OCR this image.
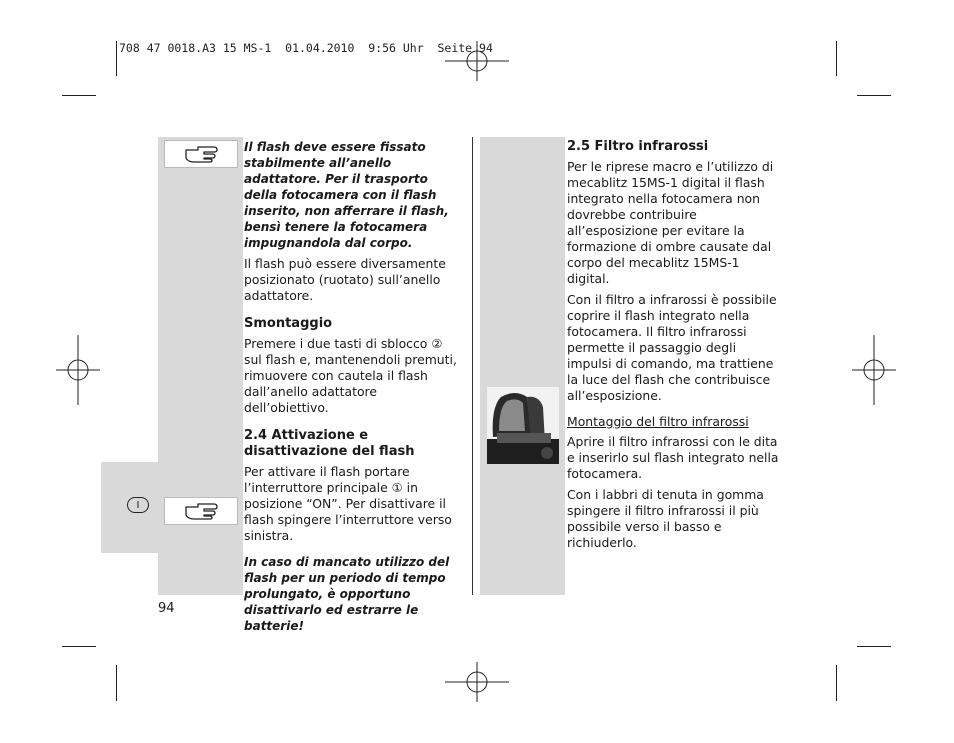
708 47 0018.A3 15 MS-1  01.04.2010  9:56 Uhr  Seite 94
I

Il flash deve essere fissato stabilmente all’anello adattatore. Per il trasporto della fotocamera con il flash inserito, non afferrare il flash, bensì tenere la fotocamera impugnandola dal corpo.

Il flash può essere diversamente posizionato (ruotato) sull’anello adattatore.

Smontaggio

Premere i due tasti di sblocco ② sul flash e, mantenendoli premuti, rimuovere con cautela il flash dall’anello adattatore dell’obiettivo.

2.4 Attivazione e disattivazione del flash

Per attivare il flash portare l’interruttore principale ① in posizione “ON”. Per disattivare il flash spingere l’interruttore verso sinistra.

In caso di mancato utilizzo del flash per un periodo di tempo prolungato, è opportuno disattivarlo ed estrarre le batterie!

2.5 Filtro infrarossi

Per le riprese macro e l’utilizzo di mecablitz 15MS-1 digital il flash integrato nella fotocamera non dovrebbe contribuire all’esposizione per evitare la formazione di ombre causate dal corpo del mecablitz 15MS-1 digital.

Con il filtro a infrarossi è possibile coprire il flash integrato nella fotocamera. Il filtro infrarossi permette il passaggio degli impulsi di comando, ma trattiene la luce del flash che contribuisce all’esposizione.

Montaggio del filtro infrarossi

Aprire il filtro infrarossi con le dita e inserirlo sul flash integrato nella fotocamera.

Con i labbri di tenuta in gomma spingere il filtro infrarossi il più possibile verso il basso e richiuderlo.

94
